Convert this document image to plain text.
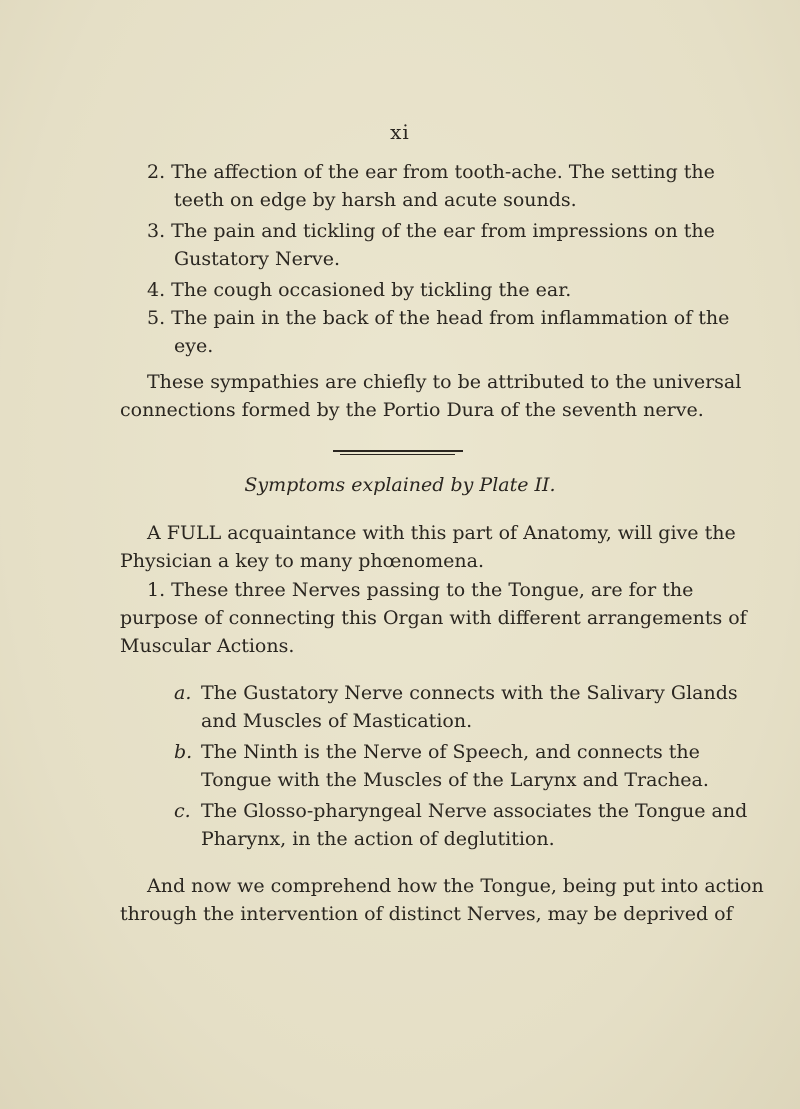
xi
2. The affection of the ear from tooth-ache. The setting the
teeth on edge by harsh and acute sounds.
3. The pain and tickling of the ear from impressions on the
Gustatory Nerve.
4. The cough occasioned by tickling the ear.
5. The pain in the back of the head from inflammation of the
eye.
These sympathies are chiefly to be attributed to the universal
connections formed by the Portio Dura of the seventh nerve.
Symptoms explained by Plate II.
A FULL acquaintance with this part of Anatomy, will give the
Physician a key to many phœnomena.
1. These three Nerves passing to the Tongue, are for the
purpose of connecting this Organ with different arrangements of
Muscular Actions.
a. The Gustatory Nerve connects with the Salivary Glands
and Muscles of Mastication.
b. The Ninth is the Nerve of Speech, and connects the
Tongue with the Muscles of the Larynx and Trachea.
c. The Glosso-pharyngeal Nerve associates the Tongue and
Pharynx, in the action of deglutition.
And now we comprehend how the Tongue, being put into action
through the intervention of distinct Nerves, may be deprived of
